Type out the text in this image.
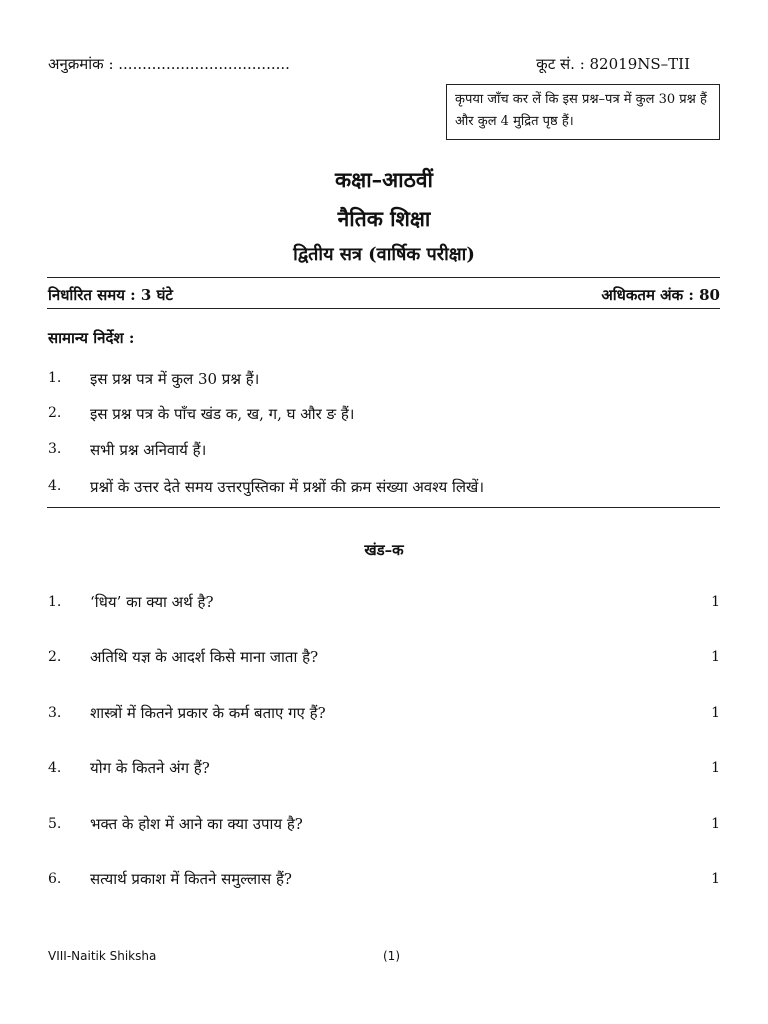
अनुक्रमांक : ....................................	कूट सं. : 82019NS–TII
कृपया जाँच कर लें कि इस प्रश्न–पत्र में कुल 30 प्रश्न हैं और कुल 4 मुद्रित पृष्ठ हैं।
कक्षा–आठवीं
नैतिक शिक्षा
द्वितीय सत्र (वार्षिक परीक्षा)
निर्धारित समय : 3 घंटे	अधिकतम अंक : 80
सामान्य निर्देश :
1. इस प्रश्न पत्र में कुल 30 प्रश्न हैं।
2. इस प्रश्न पत्र के पाँच खंड क, ख, ग, घ और ङ हैं।
3. सभी प्रश्न अनिवार्य हैं।
4. प्रश्नों के उत्तर देते समय उत्तरपुस्तिका में प्रश्नों की क्रम संख्या अवश्य लिखें।
खंड–क
1. ‘धिय’ का क्या अर्थ है?	1
2. अतिथि यज्ञ के आदर्श किसे माना जाता है?	1
3. शास्त्रों में कितने प्रकार के कर्म बताए गए हैं?	1
4. योग के कितने अंग हैं?	1
5. भक्त के होश में आने का क्या उपाय है?	1
6. सत्यार्थ प्रकाश में कितने समुल्लास हैं?	1
VIII-Naitik Shiksha	(1)
